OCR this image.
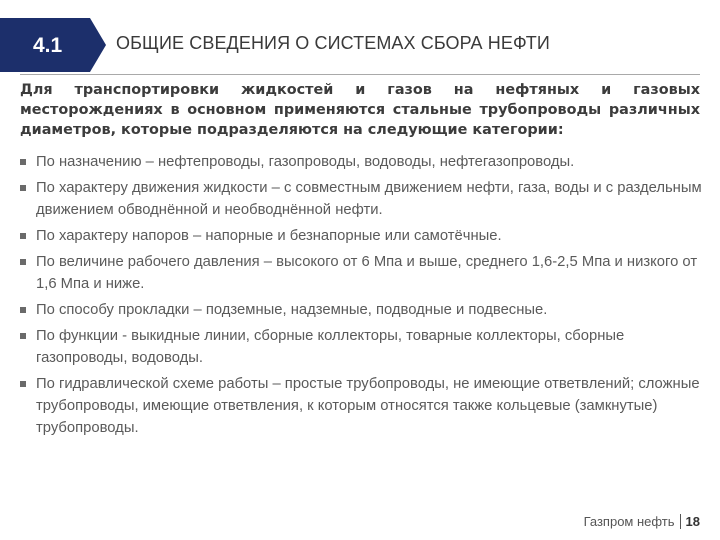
4.1	ОБЩИЕ СВЕДЕНИЯ О СИСТЕМАХ СБОРА НЕФТИ
Для транспортировки жидкостей и газов на нефтяных и газовых месторождениях в основном применяются стальные трубопроводы различных диаметров, которые подразделяются на следующие категории:
По назначению – нефтепроводы, газопроводы, водоводы, нефтегазопроводы.
По характеру движения жидкости – с совместным движением нефти, газа, воды и с раздельным движением обводнённой и необводнённой нефти.
По характеру напоров – напорные и безнапорные или самотёчные.
По величине рабочего давления – высокого от 6 Мпа и выше, среднего 1,6-2,5 Мпа и низкого от 1,6 Мпа и ниже.
По способу прокладки – подземные, надземные, подводные и подвесные.
По функции - выкидные линии, сборные коллекторы, товарные коллекторы, сборные газопроводы, водоводы.
По гидравлической схеме работы – простые трубопроводы, не имеющие ответвлений; сложные трубопроводы, имеющие ответвления, к которым относятся также кольцевые (замкнутые) трубопроводы.
Газпром нефть 18
